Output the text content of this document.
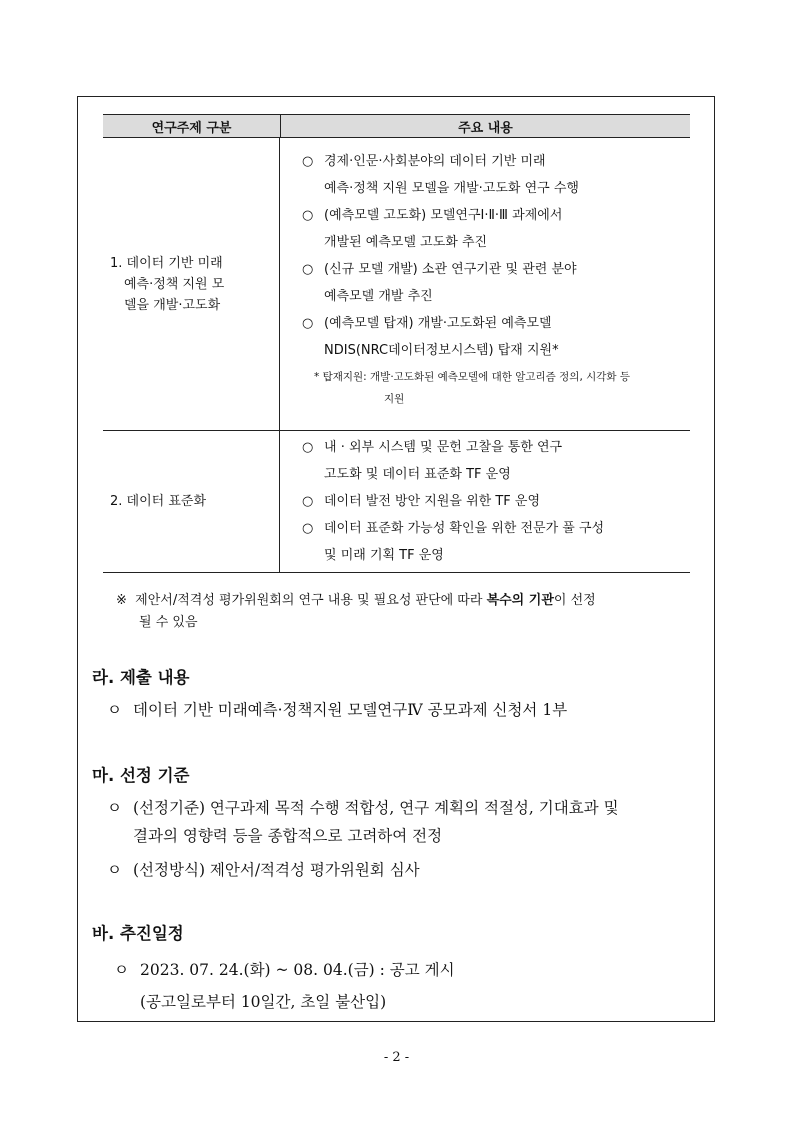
연구주제 구분	주요 내용
1. 데이터 기반 미래
예측·정책 지원 모
델을 개발·고도화
○ 경제·인문·사회분야의 데이터 기반 미래
예측·정책 지원 모델을 개발·고도화 연구 수행
○ (예측모델 고도화) 모델연구Ⅰ·Ⅱ·Ⅲ 과제에서
개발된 예측모델 고도화 추진
○ (신규 모델 개발) 소관 연구기관 및 관련 분야
예측모델 개발 추진
○ (예측모델 탑재) 개발·고도화된 예측모델
NDIS(NRC데이터정보시스템) 탑재 지원*
* 탑재지원: 개발·고도화된 예측모델에 대한 알고리즘 정의, 시각화 등
지원
2. 데이터 표준화
○ 내 · 외부 시스템 및 문헌 고찰을 통한 연구
고도화 및 데이터 표준화 TF 운영
○ 데이터 발전 방안 지원을 위한 TF 운영
○ 데이터 표준화 가능성 확인을 위한 전문가 풀 구성
및 미래 기획 TF 운영
※ 제안서/적격성 평가위원회의 연구 내용 및 필요성 판단에 따라 복수의 기관이 선정
될 수 있음
라. 제출 내용
ㅇ 데이터 기반 미래예측·정책지원 모델연구Ⅳ 공모과제 신청서 1부
마. 선정 기준
ㅇ (선정기준) 연구과제 목적 수행 적합성, 연구 계획의 적절성, 기대효과 및
결과의 영향력 등을 종합적으로 고려하여 전정
ㅇ (선정방식) 제안서/적격성 평가위원회 심사
바. 추진일정
ㅇ 2023. 07. 24.(화) ~ 08. 04.(금) : 공고 게시
(공고일로부터 10일간, 초일 불산입)
- 2 -
